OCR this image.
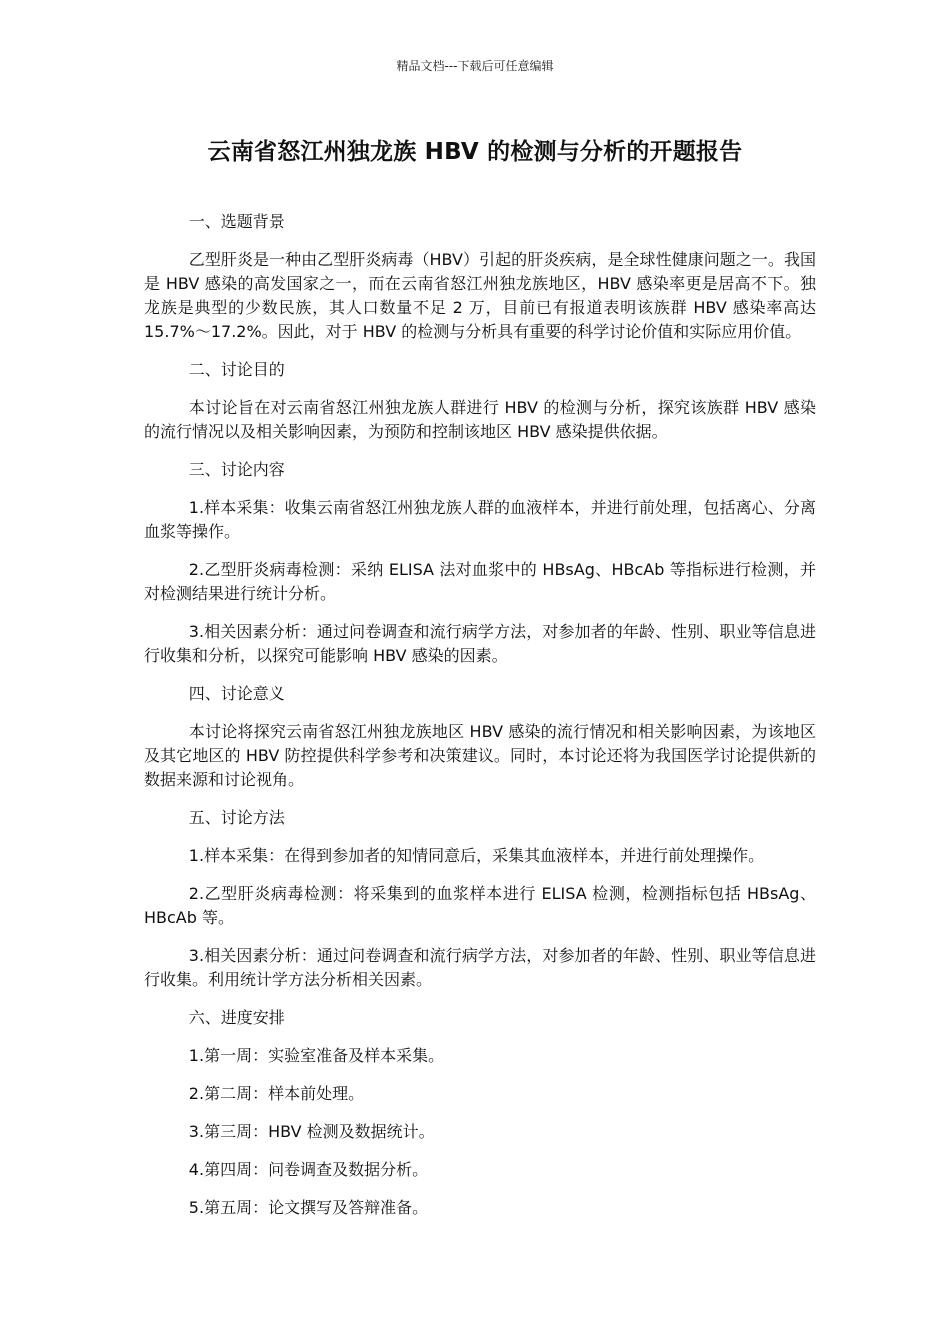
精品文档---下载后可任意编辑
云南省怒江州独龙族 HBV 的检测与分析的开题报告

一、选题背景

乙型肝炎是一种由乙型肝炎病毒（HBV）引起的肝炎疾病，是全球性健康问题之一。我国是 HBV 感染的高发国家之一，而在云南省怒江州独龙族地区，HBV 感染率更是居高不下。独龙族是典型的少数民族，其人口数量不足 2 万，目前已有报道表明该族群 HBV 感染率高达 15.7%～17.2%。因此，对于 HBV 的检测与分析具有重要的科学讨论价值和实际应用价值。

二、讨论目的

本讨论旨在对云南省怒江州独龙族人群进行 HBV 的检测与分析，探究该族群 HBV 感染的流行情况以及相关影响因素，为预防和控制该地区 HBV 感染提供依据。

三、讨论内容

1.样本采集：收集云南省怒江州独龙族人群的血液样本，并进行前处理，包括离心、分离血浆等操作。

2.乙型肝炎病毒检测：采纳 ELISA 法对血浆中的 HBsAg、HBcAb 等指标进行检测，并对检测结果进行统计分析。

3.相关因素分析：通过问卷调查和流行病学方法，对参加者的年龄、性别、职业等信息进行收集和分析，以探究可能影响 HBV 感染的因素。

四、讨论意义

本讨论将探究云南省怒江州独龙族地区 HBV 感染的流行情况和相关影响因素，为该地区及其它地区的 HBV 防控提供科学参考和决策建议。同时，本讨论还将为我国医学讨论提供新的数据来源和讨论视角。

五、讨论方法

1.样本采集：在得到参加者的知情同意后，采集其血液样本，并进行前处理操作。

2.乙型肝炎病毒检测：将采集到的血浆样本进行 ELISA 检测，检测指标包括 HBsAg、HBcAb 等。

3.相关因素分析：通过问卷调查和流行病学方法，对参加者的年龄、性别、职业等信息进行收集。利用统计学方法分析相关因素。

六、进度安排

1.第一周：实验室准备及样本采集。

2.第二周：样本前处理。

3.第三周：HBV 检测及数据统计。

4.第四周：问卷调查及数据分析。

5.第五周：论文撰写及答辩准备。
